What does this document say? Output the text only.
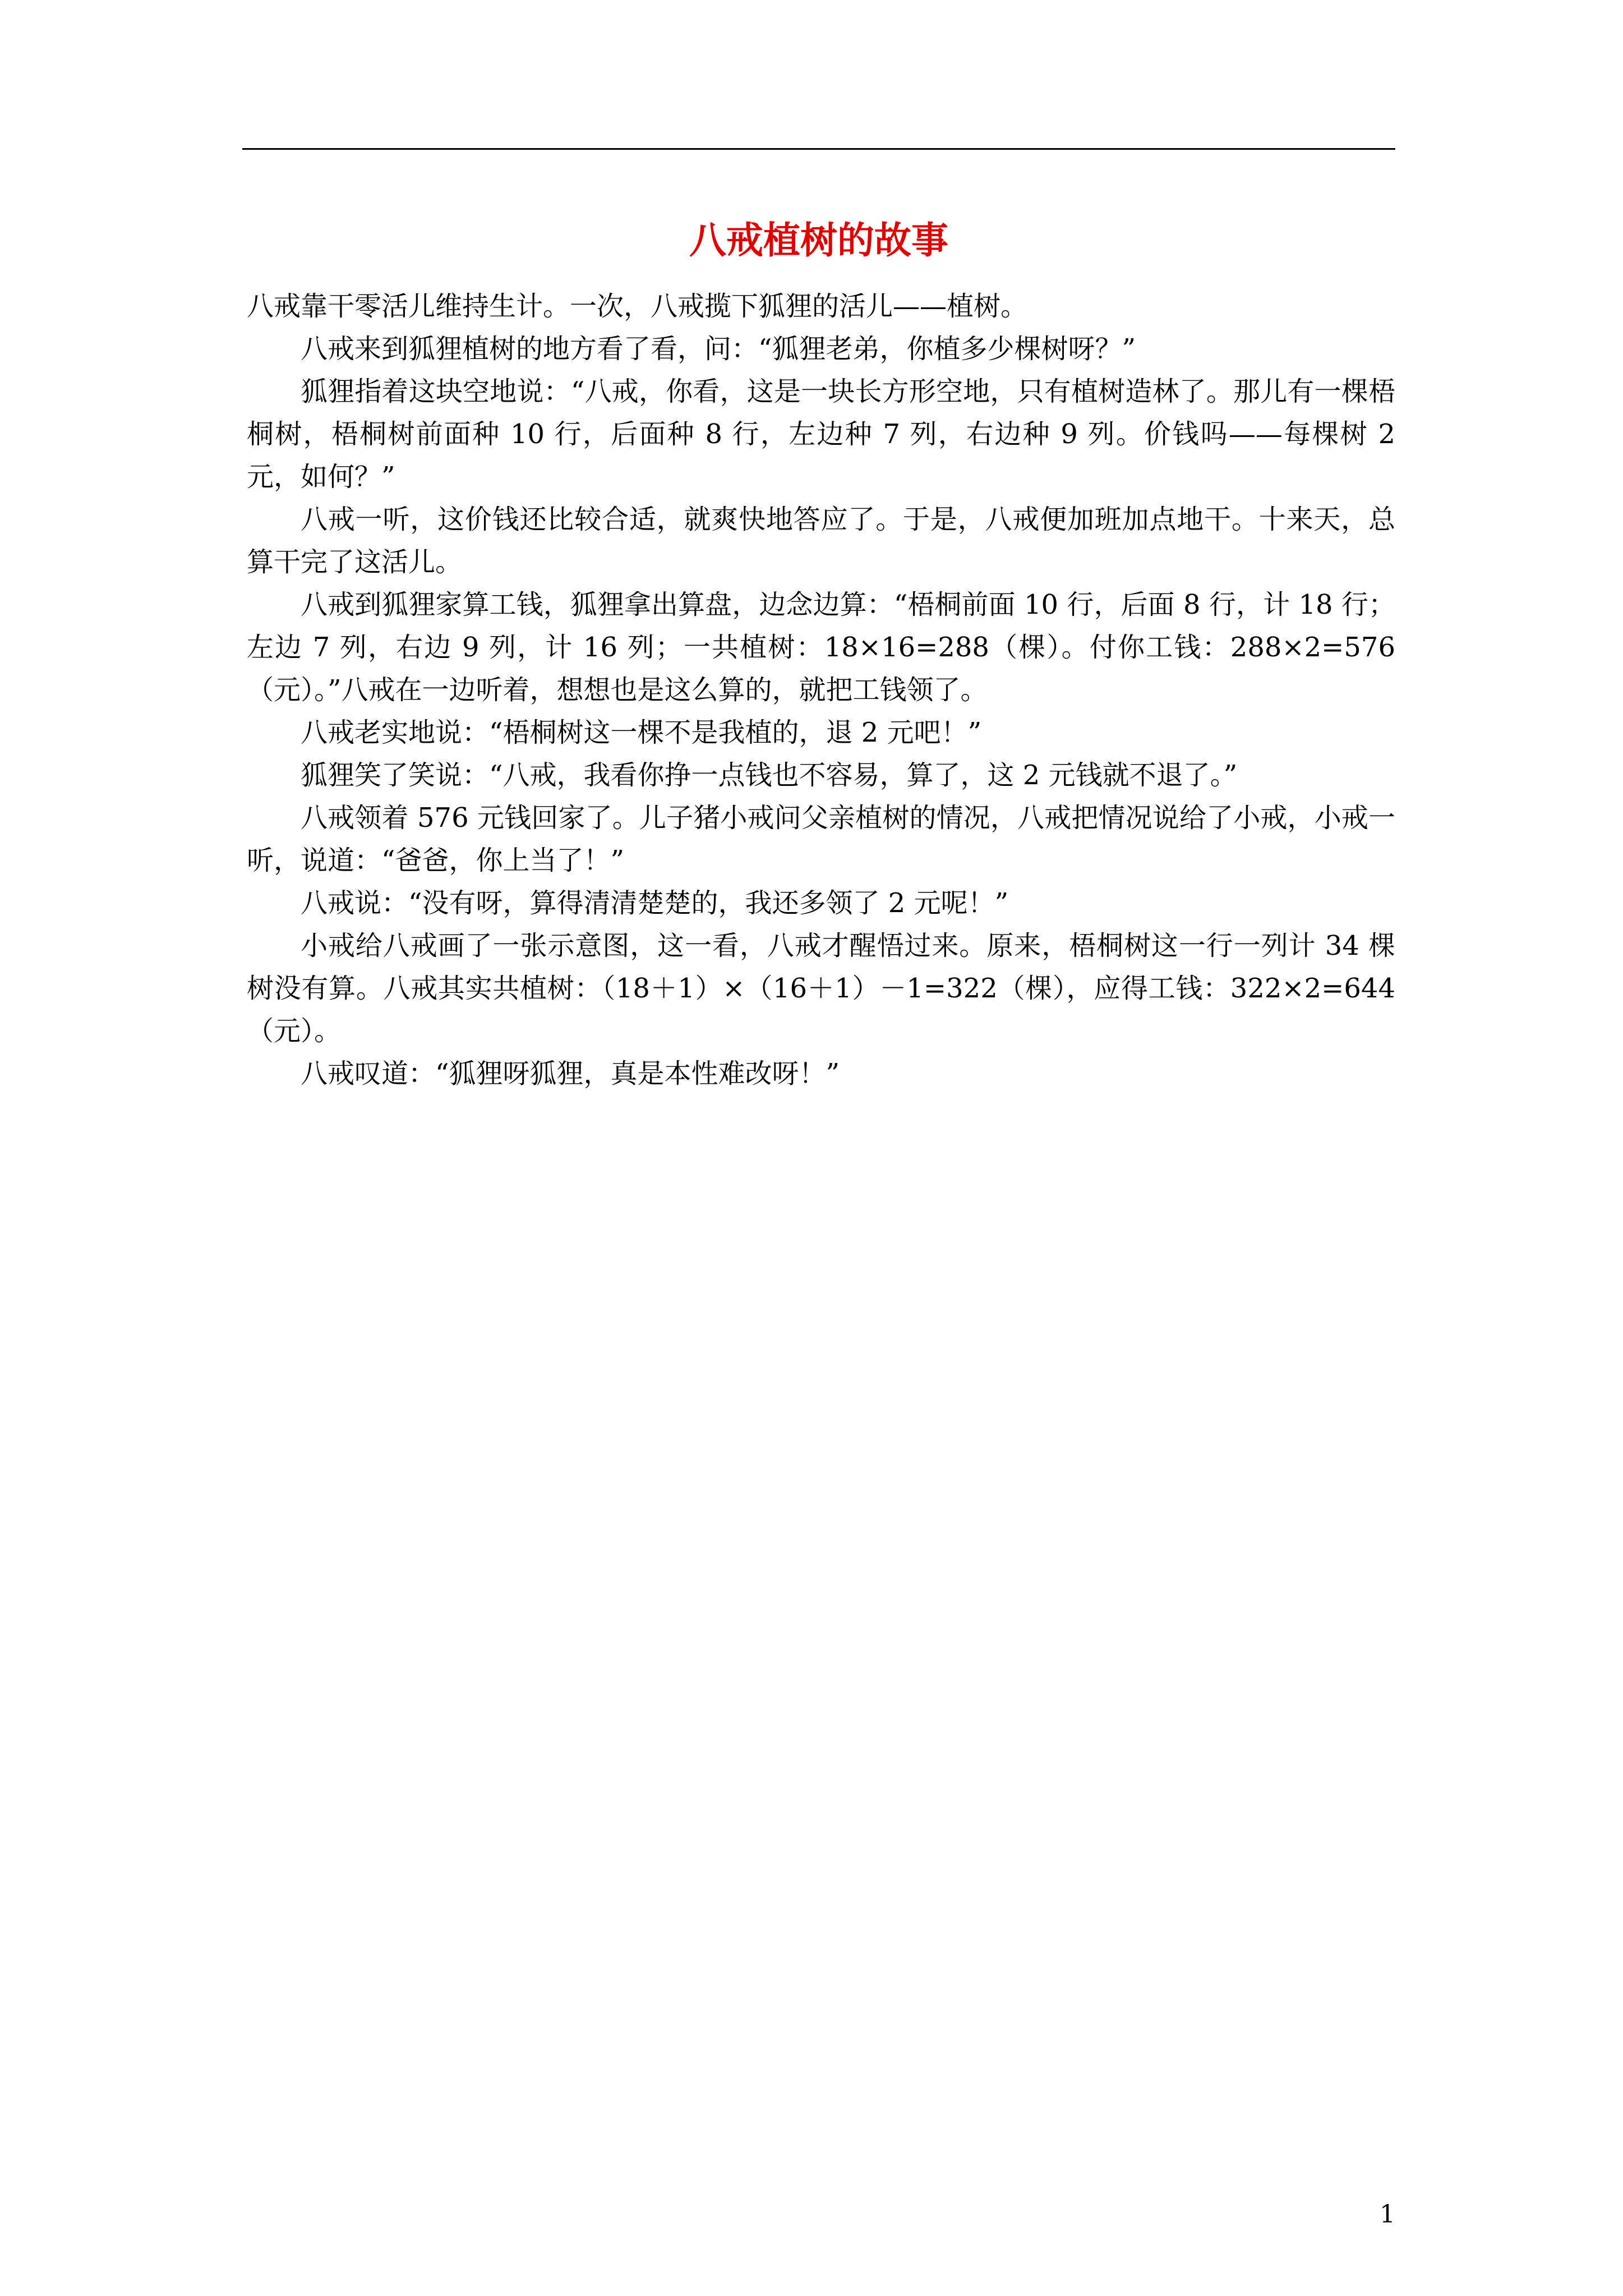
八戒植树的故事

八戒靠干零活儿维持生计。一次，八戒揽下狐狸的活儿——植树。

八戒来到狐狸植树的地方看了看，问：“狐狸老弟，你植多少棵树呀？”

狐狸指着这块空地说：“八戒，你看，这是一块长方形空地，只有植树造林了。那儿有一棵梧桐树，梧桐树前面种 10 行，后面种 8 行，左边种 7 列，右边种 9 列。价钱吗——每棵树 2 元，如何？”

八戒一听，这价钱还比较合适，就爽快地答应了。于是，八戒便加班加点地干。十来天，总算干完了这活儿。

八戒到狐狸家算工钱，狐狸拿出算盘，边念边算：“梧桐前面 10 行，后面 8 行，计 18 行；左边 7 列，右边 9 列，计 16 列；一共植树：18×16=288（棵）。付你工钱：288×2=576（元）。”八戒在一边听着，想想也是这么算的，就把工钱领了。

八戒老实地说：“梧桐树这一棵不是我植的，退 2 元吧！”

狐狸笑了笑说：“八戒，我看你挣一点钱也不容易，算了，这 2 元钱就不退了。”

八戒领着 576 元钱回家了。儿子猪小戒问父亲植树的情况，八戒把情况说给了小戒，小戒一听，说道：“爸爸，你上当了！”

八戒说：“没有呀，算得清清楚楚的，我还多领了 2 元呢！”

小戒给八戒画了一张示意图，这一看，八戒才醒悟过来。原来，梧桐树这一行一列计 34 棵树没有算。八戒其实共植树：（18＋1）×（16＋1）－1=322（棵），应得工钱：322×2=644（元）。

八戒叹道：“狐狸呀狐狸，真是本性难改呀！”

1
